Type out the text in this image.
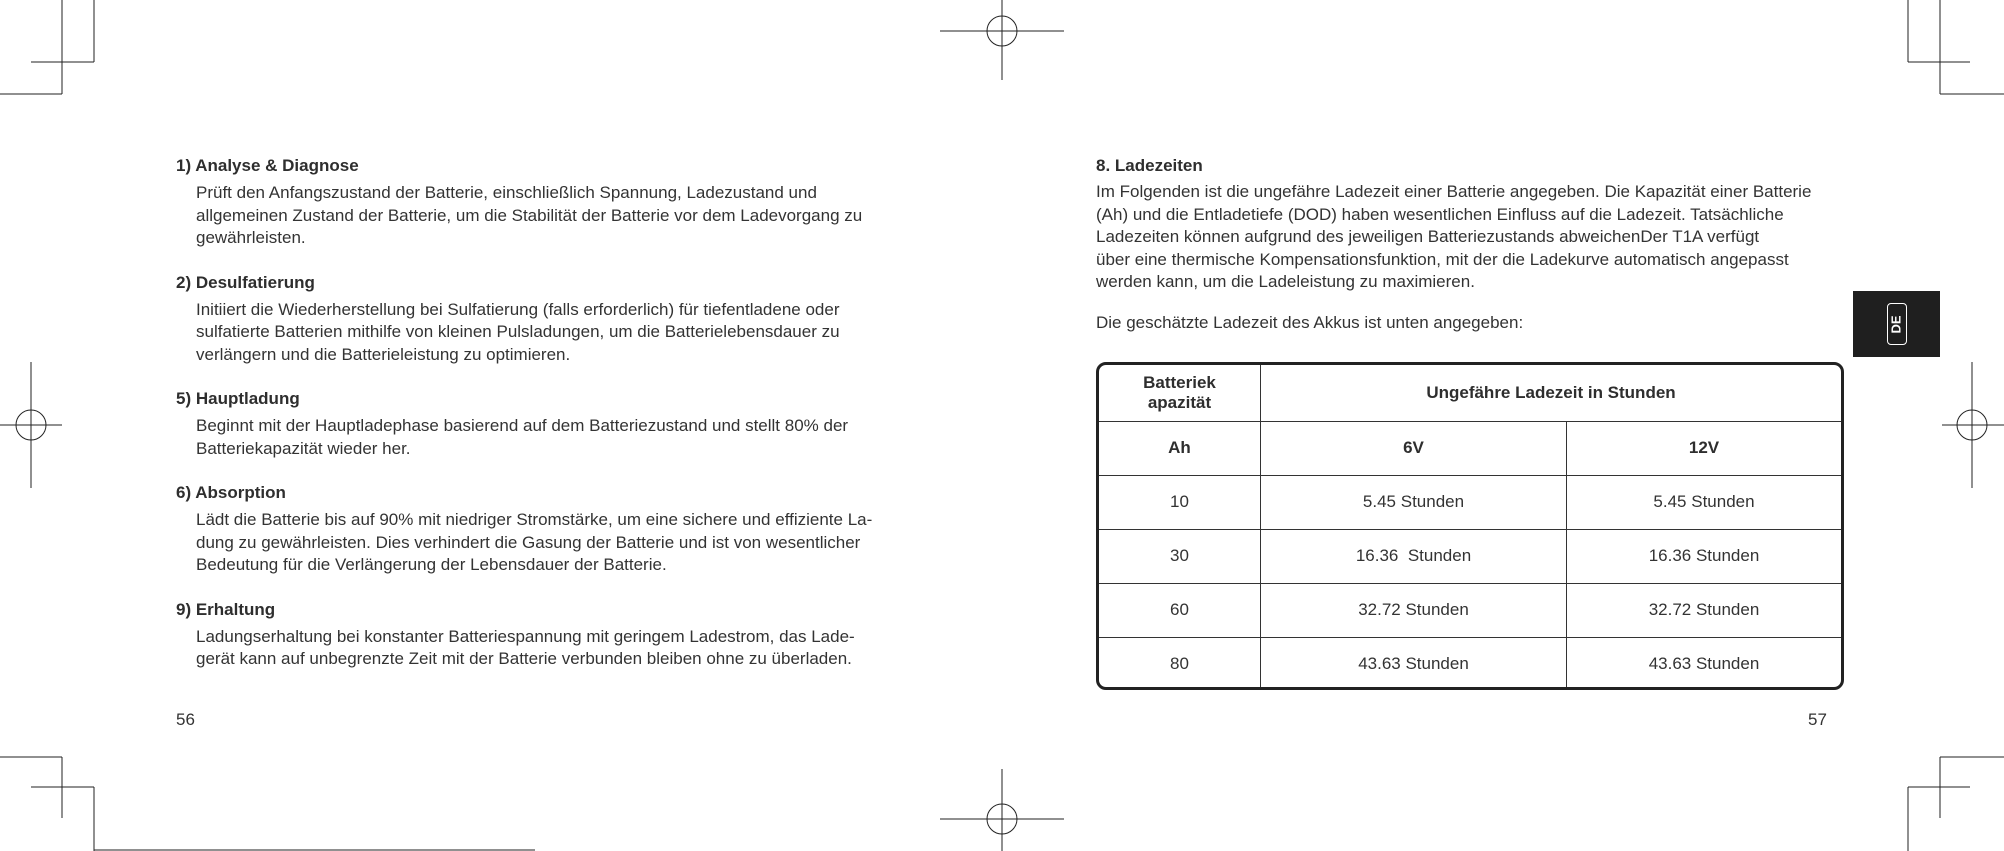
1) Analyse & Diagnose
Prüft den Anfangszustand der Batterie, einschließlich Spannung, Ladezustand und
allgemeinen Zustand der Batterie, um die Stabilität der Batterie vor dem Ladevorgang zu
gewährleisten.
2) Desulfatierung
Initiiert die Wiederherstellung bei Sulfatierung (falls erforderlich) für tiefentladene oder
sulfatierte Batterien mithilfe von kleinen Pulsladungen, um die Batterielebensdauer zu
verlängern und die Batterieleistung zu optimieren.
5) Hauptladung
Beginnt mit der Hauptladephase basierend auf dem Batteriezustand und stellt 80% der
Batteriekapazität wieder her.
6) Absorption
Lädt die Batterie bis auf 90% mit niedriger Stromstärke, um eine sichere und effiziente La-
dung zu gewährleisten. Dies verhindert die Gasung der Batterie und ist von wesentlicher
Bedeutung für die Verlängerung der Lebensdauer der Batterie.
9) Erhaltung
Ladungserhaltung bei konstanter Batteriespannung mit geringem Ladestrom, das Lade-
gerät kann auf unbegrenzte Zeit mit der Batterie verbunden bleiben ohne zu überladen.
56
8. Ladezeiten
Im Folgenden ist die ungefähre Ladezeit einer Batterie angegeben. Die Kapazität einer Batterie
(Ah) und die Entladetiefe (DOD) haben wesentlichen Einfluss auf die Ladezeit. Tatsächliche
Ladezeiten können aufgrund des jeweiligen Batteriezustands abweichenDer T1A verfügt
über eine thermische Kompensationsfunktion, mit der die Ladekurve automatisch angepasst
werden kann, um die Ladeleistung zu maximieren.
Die geschätzte Ladezeit des Akkus ist unten angegeben:
Batteriek
apazität	Ungefähre Ladezeit in Stunden	
Ah	6V	12V
10	5.45 Stunden	5.45 Stunden
30	16.36  Stunden	16.36 Stunden
60	32.72 Stunden	32.72 Stunden
80	43.63 Stunden	43.63 Stunden
57
DE
